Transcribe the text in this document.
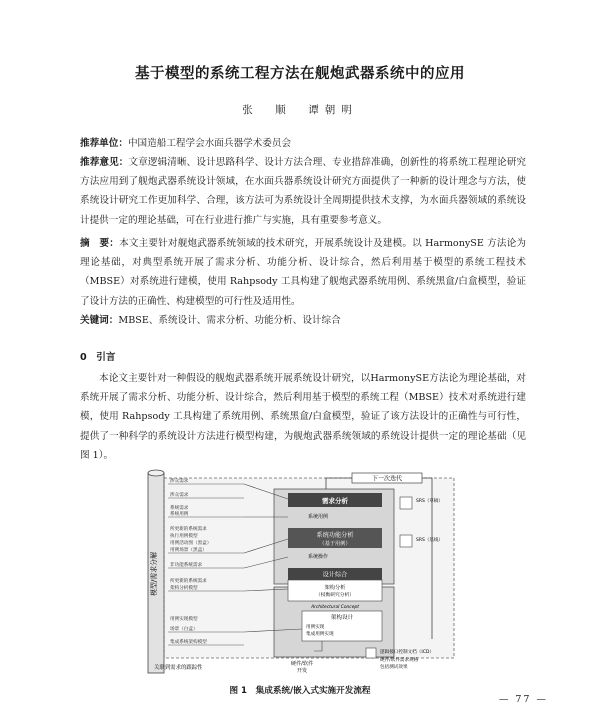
基于模型的系统工程方法在舰炮武器系统中的应用
张　顺　谭朝明
推荐单位：中国造船工程学会水面兵器学术委员会
推荐意见：文章逻辑清晰、设计思路科学、设计方法合理、专业措辞准确，创新性的将系统工程理论研究方法应用到了舰炮武器系统设计领域，在水面兵器系统设计研究方面提供了一种新的设计理念与方法，使系统设计研究工作更加科学、合理，该方法可为系统设计全周期提供技术支撑，为水面兵器领域的系统设计提供一定的理论基础，可在行业进行推广与实施，具有重要参考意义。
摘　要：本文主要针对舰炮武器系统领域的技术研究，开展系统设计及建模。以 HarmonySE 方法论为理论基础，对典型系统开展了需求分析、功能分析、设计综合，然后利用基于模型的系统工程技术（MBSE）对系统进行建模，使用 Rahpsody 工具构建了舰炮武器系统用例、系统黑盒/白盒模型，验证了设计方法的正确性、构建模型的可行性及适用性。
关键词：MBSE、系统设计、需求分析、功能分析、设计综合
0　引言
本论文主要针对一种假设的舰炮武器系统开展系统设计研究，以HarmonySE方法论为理论基础，对系统开展了需求分析、功能分析、设计综合，然后利用基于模型的系统工程（MBSE）技术对系统进行建模，使用 Rahpsody 工具构建了系统用例、系统黑盒/白盒模型，验证了该方法设计的正确性与可行性，提供了一种科学的系统设计方法进行模型构建，为舰炮武器系统领域的系统设计提供一定的理论基础（见图 1）。
模型/需求分解
涉众需求
涉众需求
系统需求
系统用例
所更新的系统需求
执行用例模型
用例活动图（黑盒）
用例场景（黑盒）
非功能系统需求
所更新的系统需求
架构分析模型
用例实现模型
场景（白盒）
集成系统架构模型
下一次迭代
需求分析
系统用例
系统功能分析
（基于用例）
系统操作
设计综合
架构分析
（权衡研究分析）
Architectural Concept
架构设计
用例实现
集成用例实现
SRS（草稿）
SRS（基线）
关联到需求的跟踪性
硬件/软件
开发
逻辑接口控制文档（ICD）
硬件/软件需求规格
包括测试效果
图 1　 集成系统/嵌入式实施开发流程
— 77 —
